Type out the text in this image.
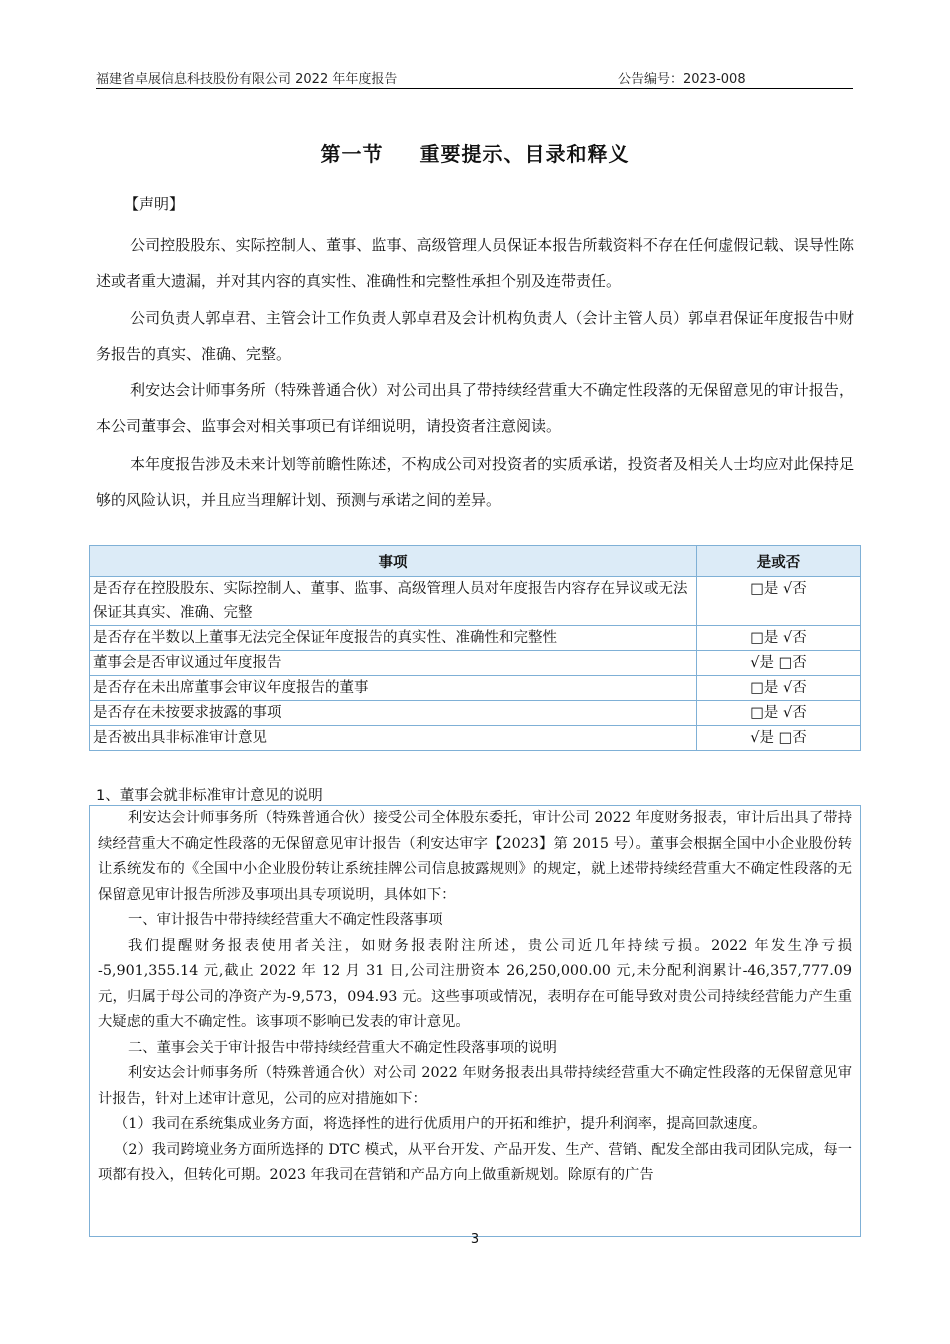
福建省卓展信息科技股份有限公司 2022 年年度报告	公告编号：2023-008
第一节 重要提示、目录和释义
【声明】

公司控股股东、实际控制人、董事、监事、高级管理人员保证本报告所载资料不存在任何虚假记载、误导性陈述或者重大遗漏，并对其内容的真实性、准确性和完整性承担个别及连带责任。

公司负责人郭卓君、主管会计工作负责人郭卓君及会计机构负责人（会计主管人员）郭卓君保证年度报告中财务报告的真实、准确、完整。

利安达会计师事务所（特殊普通合伙）对公司出具了带持续经营重大不确定性段落的无保留意见的审计报告，本公司董事会、监事会对相关事项已有详细说明，请投资者注意阅读。

本年度报告涉及未来计划等前瞻性陈述，不构成公司对投资者的实质承诺，投资者及相关人士均应对此保持足够的风险认识，并且应当理解计划、预测与承诺之间的差异。

事项	是或否
是否存在控股股东、实际控制人、董事、监事、高级管理人员对年度报告内容存在异议或无法保证其真实、准确、完整	□是 √否
是否存在半数以上董事无法完全保证年度报告的真实性、准确性和完整性	□是 √否
董事会是否审议通过年度报告	√是 □否
是否存在未出席董事会审议年度报告的董事	□是 √否
是否存在未按要求披露的事项	□是 √否
是否被出具非标准审计意见	√是 □否
1、董事会就非标准审计意见的说明

利安达会计师事务所（特殊普通合伙）接受公司全体股东委托，审计公司 2022 年度财务报表，审计后出具了带持续经营重大不确定性段落的无保留意见审计报告（利安达审字【2023】第 2015 号）。董事会根据全国中小企业股份转让系统发布的《全国中小企业股份转让系统挂牌公司信息披露规则》的规定，就上述带持续经营重大不确定性段落的无保留意见审计报告所涉及事项出具专项说明，具体如下：

一、审计报告中带持续经营重大不确定性段落事项

我们提醒财务报表使用者关注，如财务报表附注所述，贵公司近几年持续亏损。2022 年发生净亏损 -5,901,355.14 元,截止 2022 年 12 月 31 日,公司注册资本 26,250,000.00 元,未分配利润累计-46,357,777.09 元，归属于母公司的净资产为-9,573，094.93 元。这些事项或情况，表明存在可能导致对贵公司持续经营能力产生重大疑虑的重大不确定性。该事项不影响已发表的审计意见。

二、董事会关于审计报告中带持续经营重大不确定性段落事项的说明

利安达会计师事务所（特殊普通合伙）对公司 2022 年财务报表出具带持续经营重大不确定性段落的无保留意见审计报告，针对上述审计意见，公司的应对措施如下：

（1）我司在系统集成业务方面，将选择性的进行优质用户的开拓和维护，提升利润率，提高回款速度。

（2）我司跨境业务方面所选择的 DTC 模式，从平台开发、产品开发、生产、营销、配发全部由我司团队完成，每一项都有投入，但转化可期。2023 年我司在营销和产品方向上做重新规划。除原有的广告

3
